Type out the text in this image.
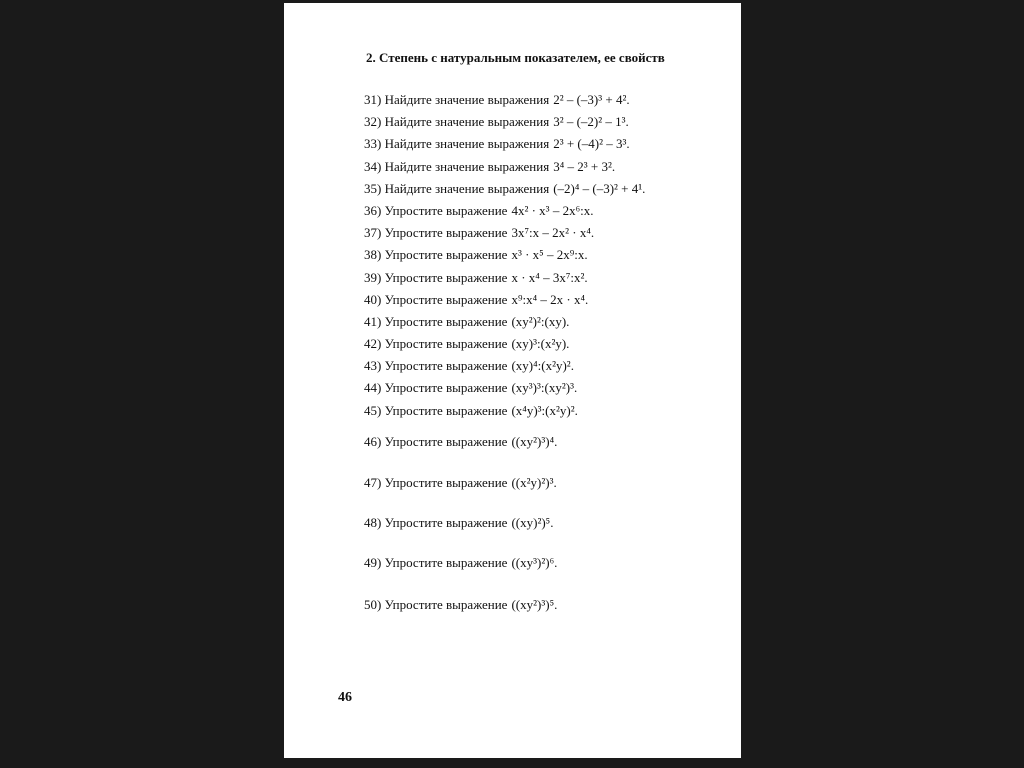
2. Степень с натуральным показателем, ее свойств
31) Найдите значение выражения 2² – (–3)³ + 4².
32) Найдите значение выражения 3² – (–2)² – 1³.
33) Найдите значение выражения 2³ + (–4)² – 3³.
34) Найдите значение выражения 3⁴ – 2³ + 3².
35) Найдите значение выражения (–2)⁴ – (–3)² + 4¹.
36) Упростите выражение 4x² · x³ – 2x⁶:x.
37) Упростите выражение 3x⁷:x – 2x² · x⁴.
38) Упростите выражение x³ · x⁵ – 2x⁹:x.
39) Упростите выражение x · x⁴ – 3x⁷:x².
40) Упростите выражение x⁹:x⁴ – 2x · x⁴.
41) Упростите выражение (xy²)²:(xy).
42) Упростите выражение (xy)³:(x²y).
43) Упростите выражение (xy)⁴:(x²y)².
44) Упростите выражение (xy³)³:(xy²)³.
45) Упростите выражение (x⁴y)³:(x²y)².
46)
Упростите выражение ((xy²)³)⁴.
47)
Упростите выражение ((x²y)²)³.
48)
Упростите выражение ((xy)²)⁵.
49)
Упростите выражение ((xy³)²)⁶.
50)
Упростите выражение ((xy²)³)⁵.
46
